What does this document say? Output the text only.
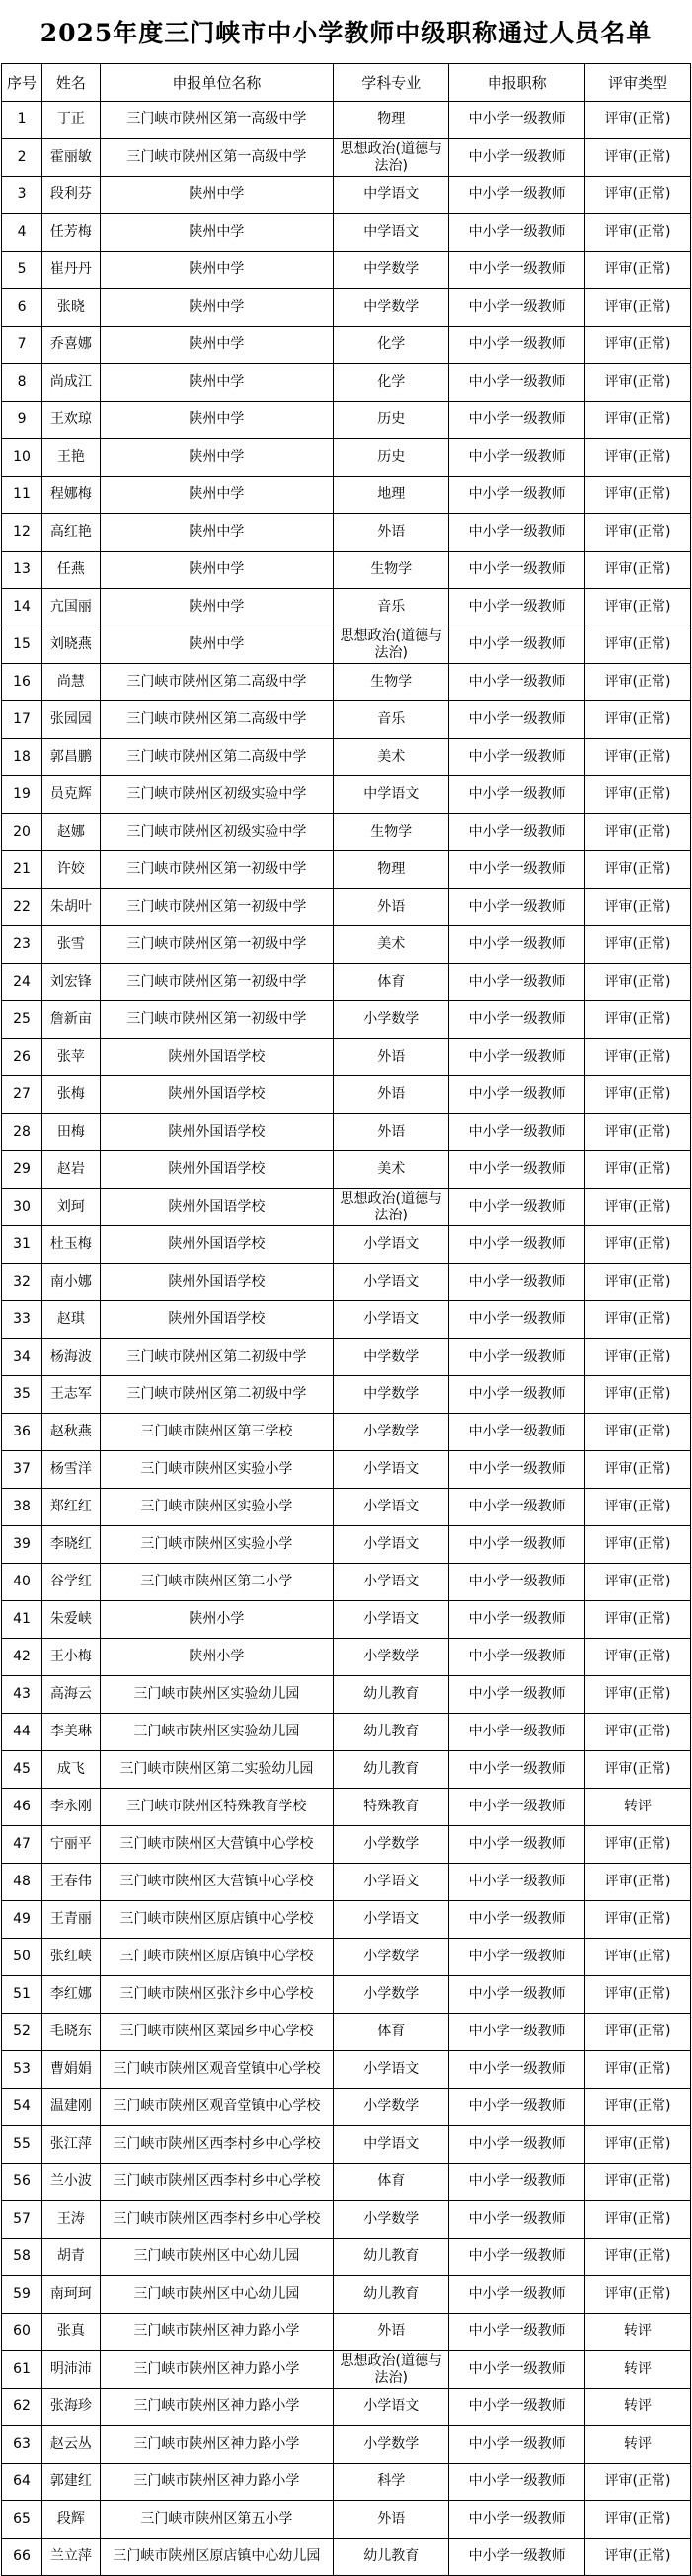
2025年度三门峡市中小学教师中级职称通过人员名单
序号	姓名	申报单位名称	学科专业	申报职称	评审类型
1	丁正	三门峡市陕州区第一高级中学	物理	中小学一级教师	评审(正常)
2	霍丽敏	三门峡市陕州区第一高级中学	思想政治(道德与法治)	中小学一级教师	评审(正常)
3	段利芬	陕州中学	中学语文	中小学一级教师	评审(正常)
4	任芳梅	陕州中学	中学语文	中小学一级教师	评审(正常)
5	崔丹丹	陕州中学	中学数学	中小学一级教师	评审(正常)
6	张晓	陕州中学	中学数学	中小学一级教师	评审(正常)
7	乔喜娜	陕州中学	化学	中小学一级教师	评审(正常)
8	尚成江	陕州中学	化学	中小学一级教师	评审(正常)
9	王欢琼	陕州中学	历史	中小学一级教师	评审(正常)
10	王艳	陕州中学	历史	中小学一级教师	评审(正常)
11	程娜梅	陕州中学	地理	中小学一级教师	评审(正常)
12	高红艳	陕州中学	外语	中小学一级教师	评审(正常)
13	任燕	陕州中学	生物学	中小学一级教师	评审(正常)
14	亢国丽	陕州中学	音乐	中小学一级教师	评审(正常)
15	刘晓燕	陕州中学	思想政治(道德与法治)	中小学一级教师	评审(正常)
16	尚慧	三门峡市陕州区第二高级中学	生物学	中小学一级教师	评审(正常)
17	张园园	三门峡市陕州区第二高级中学	音乐	中小学一级教师	评审(正常)
18	郭昌鹏	三门峡市陕州区第二高级中学	美术	中小学一级教师	评审(正常)
19	员克辉	三门峡市陕州区初级实验中学	中学语文	中小学一级教师	评审(正常)
20	赵娜	三门峡市陕州区初级实验中学	生物学	中小学一级教师	评审(正常)
21	许姣	三门峡市陕州区第一初级中学	物理	中小学一级教师	评审(正常)
22	朱胡叶	三门峡市陕州区第一初级中学	外语	中小学一级教师	评审(正常)
23	张雪	三门峡市陕州区第一初级中学	美术	中小学一级教师	评审(正常)
24	刘宏锋	三门峡市陕州区第一初级中学	体育	中小学一级教师	评审(正常)
25	詹新亩	三门峡市陕州区第一初级中学	小学数学	中小学一级教师	评审(正常)
26	张苹	陕州外国语学校	外语	中小学一级教师	评审(正常)
27	张梅	陕州外国语学校	外语	中小学一级教师	评审(正常)
28	田梅	陕州外国语学校	外语	中小学一级教师	评审(正常)
29	赵岩	陕州外国语学校	美术	中小学一级教师	评审(正常)
30	刘珂	陕州外国语学校	思想政治(道德与法治)	中小学一级教师	评审(正常)
31	杜玉梅	陕州外国语学校	小学语文	中小学一级教师	评审(正常)
32	南小娜	陕州外国语学校	小学语文	中小学一级教师	评审(正常)
33	赵琪	陕州外国语学校	小学语文	中小学一级教师	评审(正常)
34	杨海波	三门峡市陕州区第二初级中学	中学数学	中小学一级教师	评审(正常)
35	王志军	三门峡市陕州区第二初级中学	中学数学	中小学一级教师	评审(正常)
36	赵秋燕	三门峡市陕州区第三学校	小学数学	中小学一级教师	评审(正常)
37	杨雪洋	三门峡市陕州区实验小学	小学语文	中小学一级教师	评审(正常)
38	郑红红	三门峡市陕州区实验小学	小学语文	中小学一级教师	评审(正常)
39	李晓红	三门峡市陕州区实验小学	小学语文	中小学一级教师	评审(正常)
40	谷学红	三门峡市陕州区第二小学	小学语文	中小学一级教师	评审(正常)
41	朱爱峡	陕州小学	小学语文	中小学一级教师	评审(正常)
42	王小梅	陕州小学	小学数学	中小学一级教师	评审(正常)
43	高海云	三门峡市陕州区实验幼儿园	幼儿教育	中小学一级教师	评审(正常)
44	李美琳	三门峡市陕州区实验幼儿园	幼儿教育	中小学一级教师	评审(正常)
45	成飞	三门峡市陕州区第二实验幼儿园	幼儿教育	中小学一级教师	评审(正常)
46	李永刚	三门峡市陕州区特殊教育学校	特殊教育	中小学一级教师	转评
47	宁丽平	三门峡市陕州区大营镇中心学校	小学数学	中小学一级教师	评审(正常)
48	王春伟	三门峡市陕州区大营镇中心学校	小学语文	中小学一级教师	评审(正常)
49	王青丽	三门峡市陕州区原店镇中心学校	小学语文	中小学一级教师	评审(正常)
50	张红峡	三门峡市陕州区原店镇中心学校	小学数学	中小学一级教师	评审(正常)
51	李红娜	三门峡市陕州区张汴乡中心学校	小学数学	中小学一级教师	评审(正常)
52	毛晓东	三门峡市陕州区菜园乡中心学校	体育	中小学一级教师	评审(正常)
53	曹娟娟	三门峡市陕州区观音堂镇中心学校	小学语文	中小学一级教师	评审(正常)
54	温建刚	三门峡市陕州区观音堂镇中心学校	小学数学	中小学一级教师	评审(正常)
55	张江萍	三门峡市陕州区西李村乡中心学校	中学语文	中小学一级教师	评审(正常)
56	兰小波	三门峡市陕州区西李村乡中心学校	体育	中小学一级教师	评审(正常)
57	王涛	三门峡市陕州区西李村乡中心学校	小学数学	中小学一级教师	评审(正常)
58	胡青	三门峡市陕州区中心幼儿园	幼儿教育	中小学一级教师	评审(正常)
59	南珂珂	三门峡市陕州区中心幼儿园	幼儿教育	中小学一级教师	评审(正常)
60	张真	三门峡市陕州区神力路小学	外语	中小学一级教师	转评
61	明沛沛	三门峡市陕州区神力路小学	思想政治(道德与法治)	中小学一级教师	转评
62	张海珍	三门峡市陕州区神力路小学	小学语文	中小学一级教师	转评
63	赵云丛	三门峡市陕州区神力路小学	小学数学	中小学一级教师	转评
64	郭建红	三门峡市陕州区神力路小学	科学	中小学一级教师	评审(正常)
65	段辉	三门峡市陕州区第五小学	外语	中小学一级教师	评审(正常)
66	兰立萍	三门峡市陕州区原店镇中心幼儿园	幼儿教育	中小学一级教师	评审(正常)
